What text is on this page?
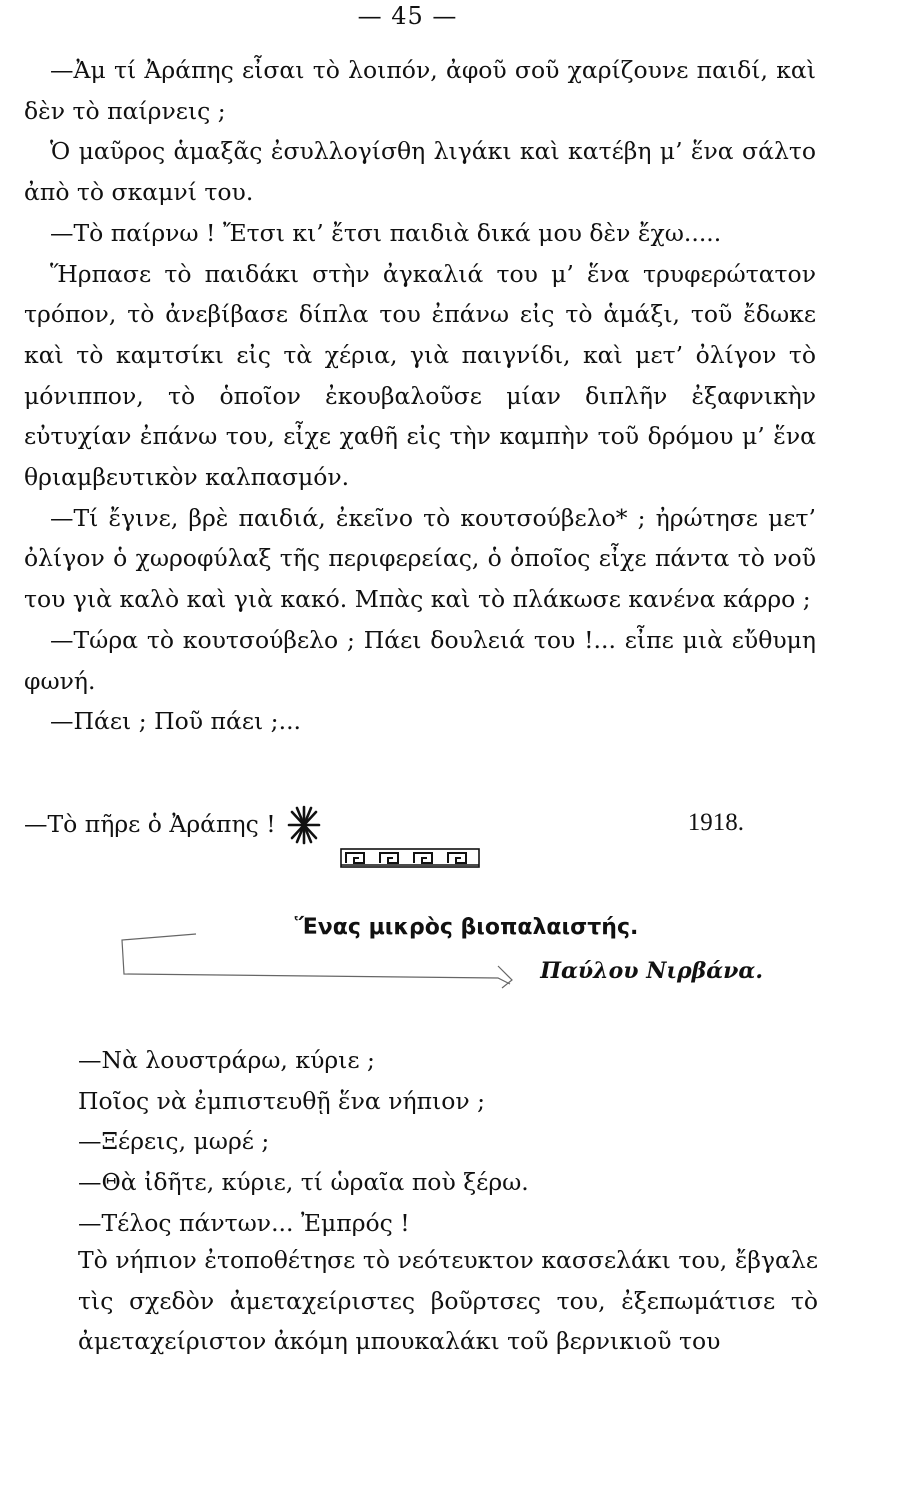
— 45 —

—Ἀμ τί Ἀράπης εἶσαι τὸ λοιπόν, ἀφοῦ σοῦ χαρίζουνε παιδί, καὶ δὲν τὸ παίρνεις ;

Ὁ μαῦρος ἁμαξᾶς ἐσυλλογίσθη λιγάκι καὶ κατέβη μ’ ἕνα σάλτο ἀπὸ τὸ σκαμνί του.

—Τὸ παίρνω ! Ἔτσι κι’ ἔτσι παιδιὰ δικά μου δὲν ἔχω.....

Ἥρπασε τὸ παιδάκι στὴν ἀγκαλιά του μ’ ἕνα τρυφερώτατον τρόπον, τὸ ἀνεβίβασε δίπλα του ἐπάνω εἰς τὸ ἁμάξι, τοῦ ἔδωκε καὶ τὸ καμτσίκι εἰς τὰ χέρια, γιὰ παιγνίδι, καὶ μετ’ ὀλίγον τὸ μόνιππον, τὸ ὁποῖον ἐκουβαλοῦσε μίαν διπλῆν ἐξαφνικὴν εὐτυχίαν ἐπάνω του, εἶχε χαθῆ εἰς τὴν καμπὴν τοῦ δρόμου μ’ ἕνα θριαμβευτικὸν καλπασμόν.

—Τί ἔγινε, βρὲ παιδιά, ἐκεῖνο τὸ κουτσούβελο* ; ἠρώτησε μετ’ ὀλίγον ὁ χωροφύλαξ τῆς περιφερείας, ὁ ὁποῖος εἶχε πάντα τὸ νοῦ του γιὰ καλὸ καὶ γιὰ κακό. Μπὰς καὶ τὸ πλάκωσε κανένα κάρρο ;

—Τώρα τὸ κουτσούβελο ; Πάει δουλειά του !... εἶπε μιὰ εὔθυμη φωνή.

—Πάει ; Ποῦ πάει ;...

—Τὸ πῆρε ὁ Ἀράπης !	1918.
Ἕνας μικρὸς βιοπαλαιστής.
Παύλου Νιρβάνα.

—Νὰ λουστράρω, κύριε ;

Ποῖος νὰ ἐμπιστευθῇ ἕνα νήπιον ;

—Ξέρεις, μωρέ ;

—Θὰ ἰδῆτε, κύριε, τί ὡραῖα ποὺ ξέρω.

—Τέλος πάντων... Ἐμπρός !

Τὸ νήπιον ἐτοποθέτησε τὸ νεότευκτον κασσελάκι του, ἔβγαλε τὶς σχεδὸν ἀμεταχείριστες βοῦρτσες του, ἐξεπωμάτισε τὸ ἀμεταχείριστον ἀκόμη μπουκαλάκι τοῦ βερνικιοῦ του
